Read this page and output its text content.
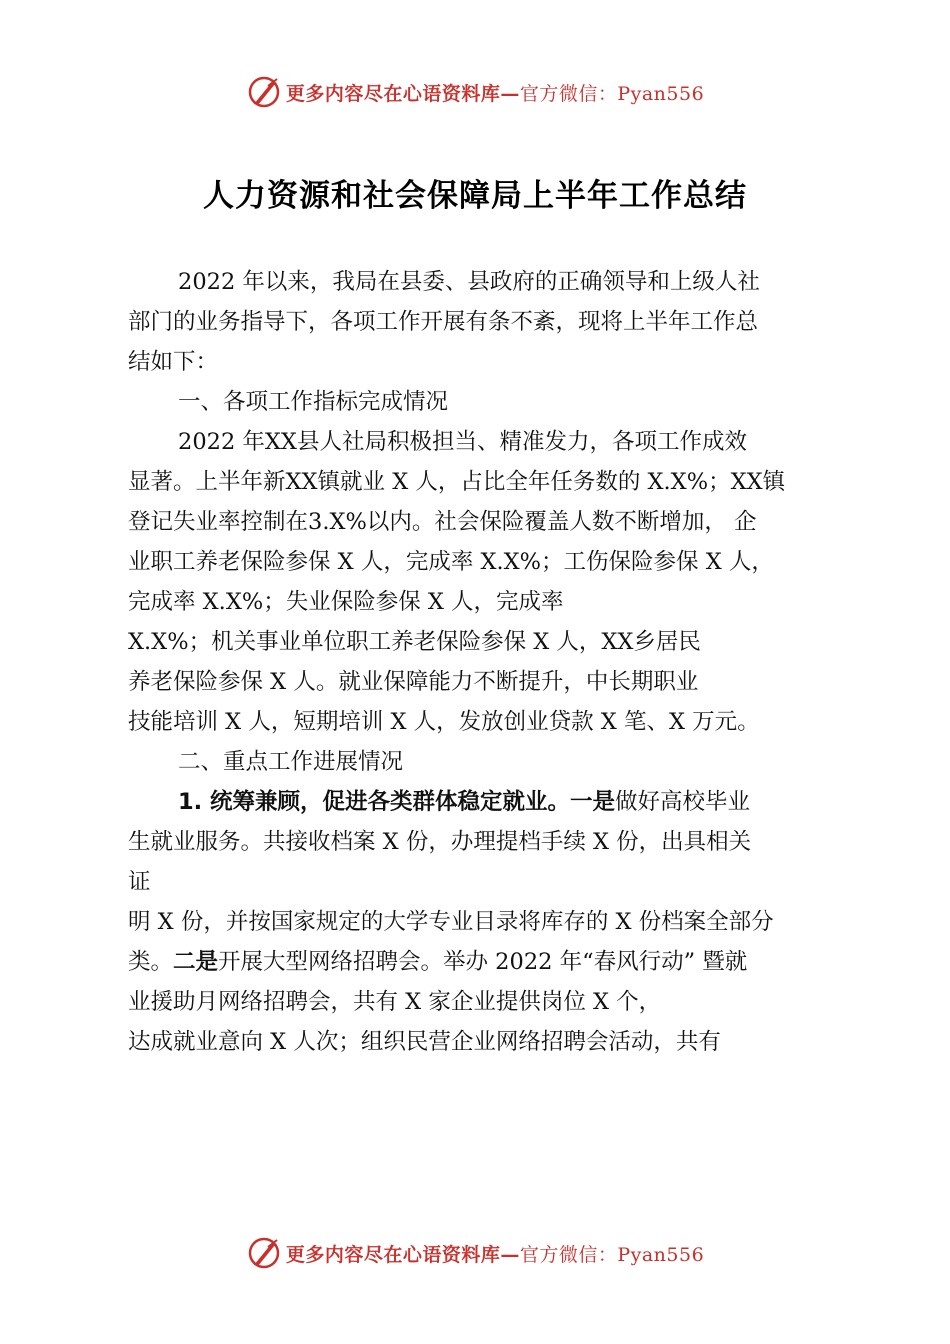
更多内容尽在心语资料库—官方微信：Pyan556
人力资源和社会保障局上半年工作总结

2022 年以来，我局在县委、县政府的正确领导和上级人社

部门的业务指导下，各项工作开展有条不紊，现将上半年工作总

结如下：

一、各项工作指标完成情况

2022 年XX县人社局积极担当、精准发力，各项工作成效

显著。上半年新XX镇就业 X 人，占比全年任务数的 X.X%；XX镇

登记失业率控制在3.X%以内。社会保险覆盖人数不断增加， 企

业职工养老保险参保 X 人，完成率 X.X%；工伤保险参保 X 人，

完成率 X.X%；失业保险参保 X 人，完成率

X.X%；机关事业单位职工养老保险参保 X 人，XX乡居民

养老保险参保 X 人。就业保障能力不断提升，中长期职业

技能培训 X 人，短期培训 X 人，发放创业贷款 X 笔、X 万元。

二、重点工作进展情况

1. 统筹兼顾，促进各类群体稳定就业。一是做好高校毕业

生就业服务。共接收档案 X 份，办理提档手续 X 份，出具相关

证

明 X 份，并按国家规定的大学专业目录将库存的 X 份档案全部分

类。二是开展大型网络招聘会。举办 2022 年“春风行动” 暨就

业援助月网络招聘会，共有 X 家企业提供岗位 X 个，

达成就业意向 X 人次；组织民营企业网络招聘会活动，共有

更多内容尽在心语资料库—官方微信：Pyan556
